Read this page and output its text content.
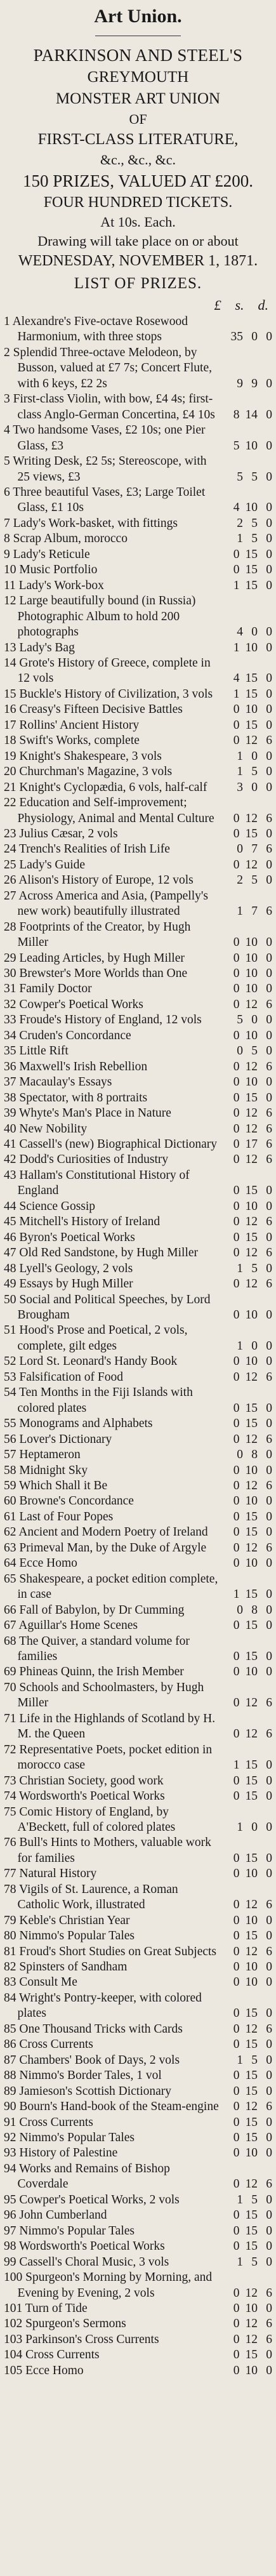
Art Union.
PARKINSON AND STEEL'S
GREYMOUTH
MONSTER ART UNION
OF
FIRST-CLASS LITERATURE,
&c., &c., &c.
150 PRIZES, VALUED AT £200.
FOUR HUNDRED TICKETS.
At 10s. Each.
Drawing will take place on or about
WEDNESDAY, NOVEMBER 1, 1871.
LIST OF PRIZES.
£ s. d.
1 Alexandre's Five-octave Rosewood Harmonium, with three stops	35 0 0
2 Splendid Three-octave Melodeon, by Busson, valued at £7 7s; Concert Flute, with 6 keys, £2 2s	9 9 0
3 First-class Violin, with bow, £4 4s; first-class Anglo-German Concertina, £4 10s	8 14 0
4 Two handsome Vases, £2 10s; one Pier Glass, £3	5 10 0
5 Writing Desk, £2 5s; Stereoscope, with 25 views, £3	5 5 0
6 Three beautiful Vases, £3; Large Toilet Glass, £1 10s	4 10 0
7 Lady's Work-basket, with fittings	2 5 0
8 Scrap Album, morocco	1 5 0
9 Lady's Reticule	0 15 0
10 Music Portfolio	0 15 0
11 Lady's Work-box	1 15 0
12 Large beautifully bound (in Russia) Photographic Album to hold 200 photographs	4 0 0
13 Lady's Bag	1 10 0
14 Grote's History of Greece, complete in 12 vols	4 15 0
15 Buckle's History of Civilization, 3 vols	1 15 0
16 Creasy's Fifteen Decisive Battles	0 10 0
17 Rollins' Ancient History	0 15 0
18 Swift's Works, complete	0 12 6
19 Knight's Shakespeare, 3 vols	1 0 0
20 Churchman's Magazine, 3 vols	1 5 0
21 Knight's Cyclopædia, 6 vols, half-calf	3 0 0
22 Education and Self-improvement; Physiology, Animal and Mental Culture	0 12 6
23 Julius Cæsar, 2 vols	0 15 0
24 Trench's Realities of Irish Life	0 7 6
25 Lady's Guide	0 12 0
26 Alison's History of Europe, 12 vols	2 5 0
27 Across America and Asia, (Pampelly's new work) beautifully illustrated	1 7 6
28 Footprints of the Creator, by Hugh Miller	0 10 0
29 Leading Articles, by Hugh Miller	0 10 0
30 Brewster's More Worlds than One	0 10 0
31 Family Doctor	0 10 0
32 Cowper's Poetical Works	0 12 6
33 Froude's History of England, 12 vols	5 0 0
34 Cruden's Concordance	0 10 0
35 Little Rift	0 5 0
36 Maxwell's Irish Rebellion	0 12 6
37 Macaulay's Essays	0 10 0
38 Spectator, with 8 portraits	0 15 0
39 Whyte's Man's Place in Nature	0 12 6
40 New Nobility	0 12 6
41 Cassell's (new) Biographical Dictionary 0 17 6
42 Dodd's Curiosities of Industry	0 12 6
43 Hallam's Constitutional History of England	0 15 0
44 Science Gossip	0 10 0
45 Mitchell's History of Ireland	0 12 6
46 Byron's Poetical Works	0 15 0
47 Old Red Sandstone, by Hugh Miller	0 12 6
48 Lyell's Geology, 2 vols	1 5 0
49 Essays by Hugh Miller	0 12 6
50 Social and Political Speeches, by Lord Brougham	0 10 0
51 Hood's Prose and Poetical, 2 vols, complete, gilt edges	1 0 0
52 Lord St. Leonard's Handy Book	0 10 0
53 Falsification of Food	0 12 6
54 Ten Months in the Fiji Islands with colored plates	0 15 0
55 Monograms and Alphabets	0 15 0
56 Lover's Dictionary	0 12 6
57 Heptameron	0 8 0
58 Midnight Sky	0 10 0
59 Which Shall it Be	0 12 6
60 Browne's Concordance	0 10 0
61 Last of Four Popes	0 15 0
62 Ancient and Modern Poetry of Ireland	0 15 0
63 Primeval Man, by the Duke of Argyle	0 12 6
64 Ecce Homo	0 10 0
65 Shakespeare, a pocket edition complete, in case	1 15 0
66 Fall of Babylon, by Dr Cumming	0 8 0
67 Aguillar's Home Scenes	0 15 0
68 The Quiver, a standard volume for families	0 15 0
69 Phineas Quinn, the Irish Member	0 10 0
70 Schools and Schoolmasters, by Hugh Miller	0 12 6
71 Life in the Highlands of Scotland by H. M. the Queen	0 12 6
72 Representative Poets, pocket edition in morocco case	1 15 0
73 Christian Society, good work	0 15 0
74 Wordsworth's Poetical Works	0 15 0
75 Comic History of England, by A'Beckett, full of colored plates	1 0 0
76 Bull's Hints to Mothers, valuable work for families	0 15 0
77 Natural History	0 10 0
78 Vigils of St. Laurence, a Roman Catholic Work, illustrated	0 12 6
79 Keble's Christian Year	0 10 0
80 Nimmo's Popular Tales	0 15 0
81 Froud's Short Studies on Great Subjects	0 12 6
82 Spinsters of Sandham	0 10 0
83 Consult Me	0 10 0
84 Wright's Pontry-keeper, with colored plates	0 15 0
85 One Thousand Tricks with Cards	0 12 6
86 Cross Currents	0 15 0
87 Chambers' Book of Days, 2 vols	1 5 0
88 Nimmo's Border Tales, 1 vol	0 15 0
89 Jamieson's Scottish Dictionary	0 15 0
90 Bourn's Hand-book of the Steam-engine 0 12 6
91 Cross Currents	0 15 0
92 Nimmo's Popular Tales	0 15 0
93 History of Palestine	0 10 0
94 Works and Remains of Bishop Coverdale	0 12 6
95 Cowper's Poetical Works, 2 vols	1 5 0
96 John Cumberland	0 15 0
97 Nimmo's Popular Tales	0 15 0
98 Wordsworth's Poetical Works	0 15 0
99 Cassell's Choral Music, 3 vols	1 5 0
100 Spurgeon's Morning by Morning, and Evening by Evening, 2 vols	0 12 6
101 Turn of Tide	0 10 0
102 Spurgeon's Sermons	0 12 6
103 Parkinson's Cross Currents	0 12 6
104 Cross Currents	0 15 0
105 Ecce Homo	0 10 0
